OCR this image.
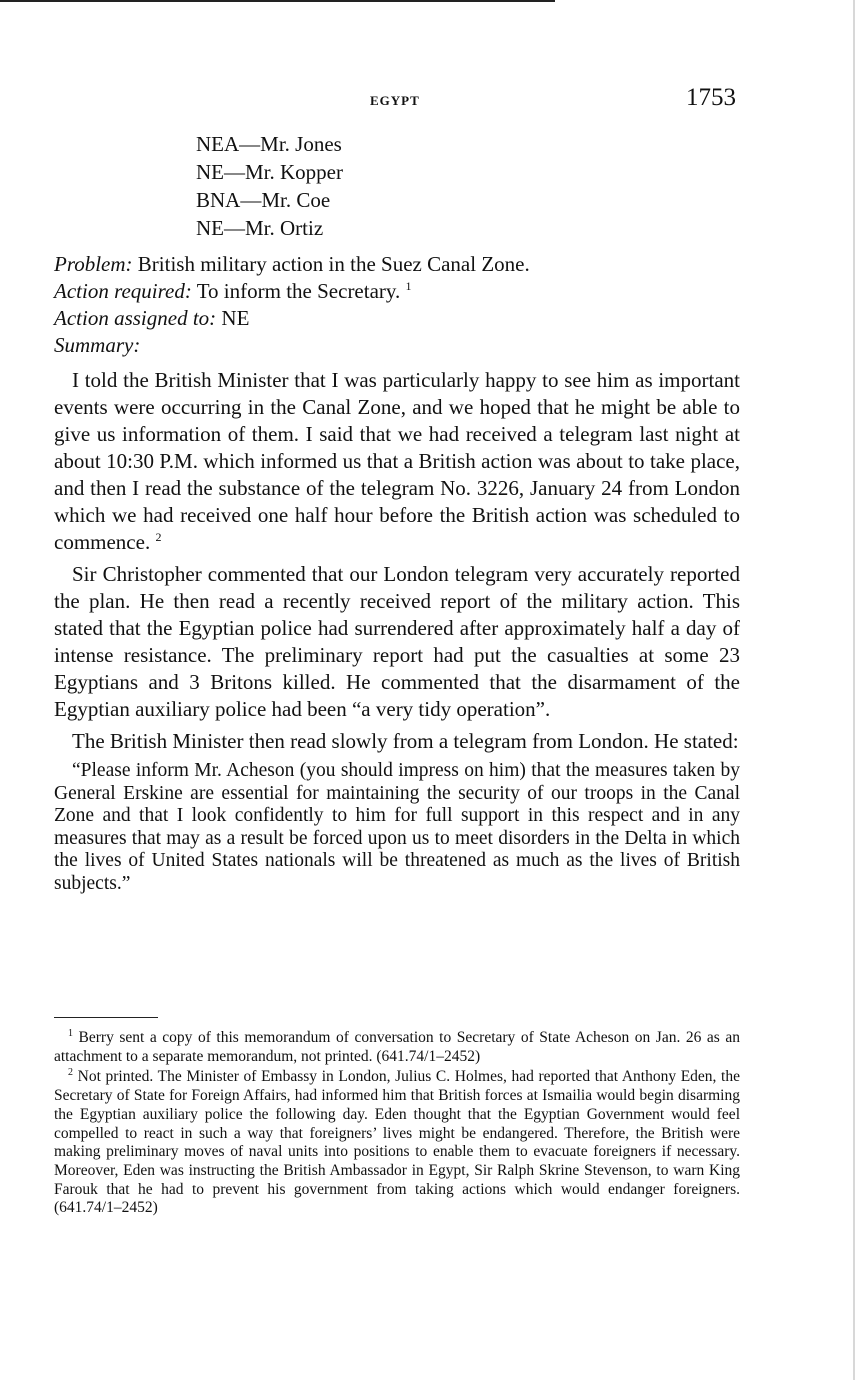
EGYPT	1753
NEA—Mr. Jones
NE—Mr. Kopper
BNA—Mr. Coe
NE—Mr. Ortiz
Problem: British military action in the Suez Canal Zone.
Action required: To inform the Secretary. $^1$
Action assigned to: NE
Summary:

I told the British Minister that I was particularly happy to see him as important events were occurring in the Canal Zone, and we hoped that he might be able to give us information of them. I said that we had received a telegram last night at about 10:30 P.M. which informed us that a British action was about to take place, and then I read the substance of the telegram No. 3226, January 24 from London which we had received one half hour before the British action was scheduled to commence. $^2$

Sir Christopher commented that our London telegram very accurately reported the plan. He then read a recently received report of the military action. This stated that the Egyptian police had surrendered after approximately half a day of intense resistance. The preliminary report had put the casualties at some 23 Egyptians and 3 Britons killed. He commented that the disarmament of the Egyptian auxiliary police had been “a very tidy operation”.

The British Minister then read slowly from a telegram from London. He stated:

“Please inform Mr. Acheson (you should impress on him) that the measures taken by General Erskine are essential for maintaining the security of our troops in the Canal Zone and that I look confidently to him for full support in this respect and in any measures that may as a result be forced upon us to meet disorders in the Delta in which the lives of United States nationals will be threatened as much as the lives of British subjects.”

$^1$ Berry sent a copy of this memorandum of conversation to Secretary of State Acheson on Jan. 26 as an attachment to a separate memorandum, not printed. (641.74/1–2452)

$^2$ Not printed. The Minister of Embassy in London, Julius C. Holmes, had reported that Anthony Eden, the Secretary of State for Foreign Affairs, had informed him that British forces at Ismailia would begin disarming the Egyptian auxiliary police the following day. Eden thought that the Egyptian Government would feel compelled to react in such a way that foreigners’ lives might be endangered. Therefore, the British were making preliminary moves of naval units into positions to enable them to evacuate foreigners if necessary. Moreover, Eden was instructing the British Ambassador in Egypt, Sir Ralph Skrine Stevenson, to warn King Farouk that he had to prevent his government from taking actions which would endanger foreigners. (641.74/1–2452)
